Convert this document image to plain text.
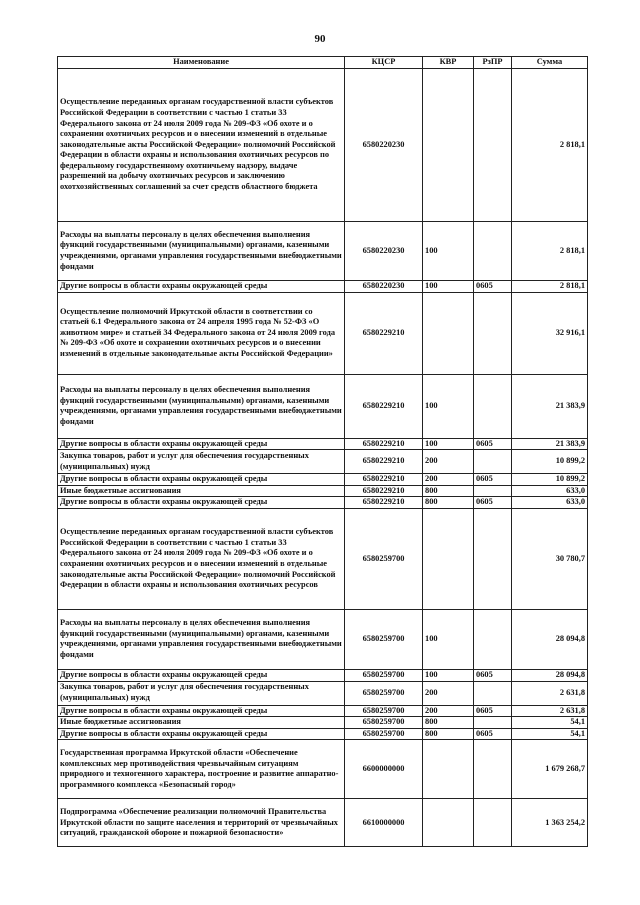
90
Наименование	КЦСР	КВР	РзПР	Сумма
Осуществление переданных органам государственной власти субъектов Российской Федерации в соответствии с частью 1 статьи 33 Федерального закона от 24 июля 2009 года № 209-ФЗ «Об охоте и о сохранении охотничьих ресурсов и о внесении изменений в отдельные законодательные акты Российской Федерации» полномочий Российской Федерации в области охраны и использования охотничьих ресурсов по федеральному государственному охотничьему надзору, выдаче разрешений на добычу охотничьих ресурсов и заключению охотхозяйственных соглашений за счет средств областного бюджета	6580220230			2 818,1
Расходы на выплаты персоналу в целях обеспечения выполнения функций государственными (муниципальными) органами, казенными учреждениями, органами управления государственными внебюджетными фондами	6580220230	100		2 818,1
Другие вопросы в области охраны окружающей среды	6580220230	100	0605	2 818,1
Осуществление полномочий Иркутской области в соответствии со статьей 6.1 Федерального закона от 24 апреля 1995 года № 52-ФЗ «О животном мире» и статьей 34 Федерального закона от 24 июля 2009 года № 209-ФЗ «Об охоте и сохранении охотничьих ресурсов и о внесении изменений в отдельные законодательные акты Российской Федерации»	6580229210			32 916,1
Расходы на выплаты персоналу в целях обеспечения выполнения функций государственными (муниципальными) органами, казенными учреждениями, органами управления государственными внебюджетными фондами	6580229210	100		21 383,9
Другие вопросы в области охраны окружающей среды	6580229210	100	0605	21 383,9
Закупка товаров, работ и услуг для обеспечения государственных (муниципальных) нужд	6580229210	200		10 899,2
Другие вопросы в области охраны окружающей среды	6580229210	200	0605	10 899,2
Иные бюджетные ассигнования	6580229210	800		633,0
Другие вопросы в области охраны окружающей среды	6580229210	800	0605	633,0
Осуществление переданных органам государственной власти субъектов Российской Федерации в соответствии с частью 1 статьи 33 Федерального закона от 24 июля 2009 года № 209-ФЗ «Об охоте и о сохранении охотничьих ресурсов и о внесении изменений в отдельные законодательные акты Российской Федерации» полномочий Российской Федерации в области охраны и использования охотничьих ресурсов	6580259700			30 780,7
Расходы на выплаты персоналу в целях обеспечения выполнения функций государственными (муниципальными) органами, казенными учреждениями, органами управления государственными внебюджетными фондами	6580259700	100		28 094,8
Другие вопросы в области охраны окружающей среды	6580259700	100	0605	28 094,8
Закупка товаров, работ и услуг для обеспечения государственных (муниципальных) нужд	6580259700	200		2 631,8
Другие вопросы в области охраны окружающей среды	6580259700	200	0605	2 631,8
Иные бюджетные ассигнования	6580259700	800		54,1
Другие вопросы в области охраны окружающей среды	6580259700	800	0605	54,1
Государственная программа Иркутской области «Обеспечение комплексных мер противодействия чрезвычайным ситуациям природного и техногенного характера, построение и развитие аппаратно-программного комплекса «Безопасный город»	6600000000			1 679 268,7
Подпрограмма «Обеспечение реализации полномочий Правительства Иркутской области по защите населения и территорий от чрезвычайных ситуаций, гражданской обороне и пожарной безопасности»	6610000000			1 363 254,2
